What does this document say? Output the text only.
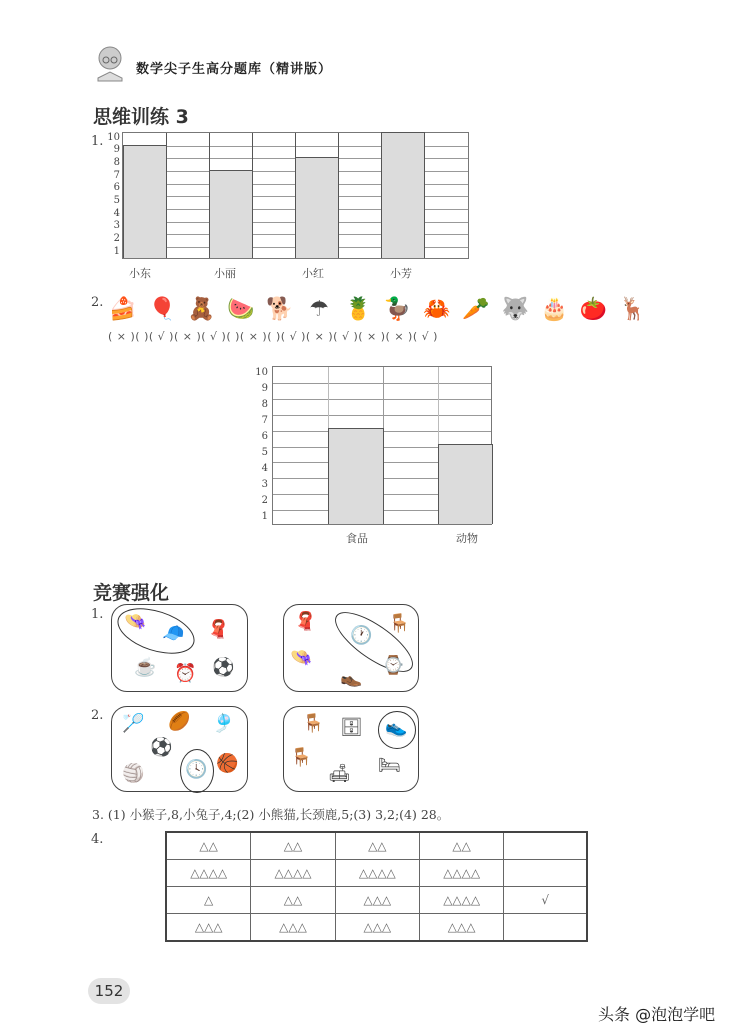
数学尖子生高分题库（精讲版）
思维训练 3
1. 10
9
8
7
6
5
4
3
2
1
小东	小丽	小红	小芳
2. 🍰 🎈 🧸 🍉 🐕 ☂ 🍍 🦆 🦀 🥕 🐺 🎂 🍅 🦌
( × )( )( √ )( × )( √ )( )( × )( )( √ )( × )( √ )( × )( × )( √ )
10
9
8
7
6
5
4
3
2
1
食品	动物
竞赛强化
1. 👒
🧢 🧣
☕ ⏰ ⚽
🧣
🕐
🪑
👒	⌚
👞
2. 🏸 🏉 🎐
⚽
🏐 🕓 🏀
🪑 🗄 👟
🪑
🛋 🛏
3. (1) 小猴子,8,小兔子,4;(2) 小熊猫,长颈鹿,5;(3) 3,2;(4) 28。
4.	△△	△△	△△	△△	
△△△△	△△△△	△△△△	△△△△	
△	△△	△△△	△△△△	√
△△△	△△△	△△△	△△△	
152
头条 @泡泡学吧
